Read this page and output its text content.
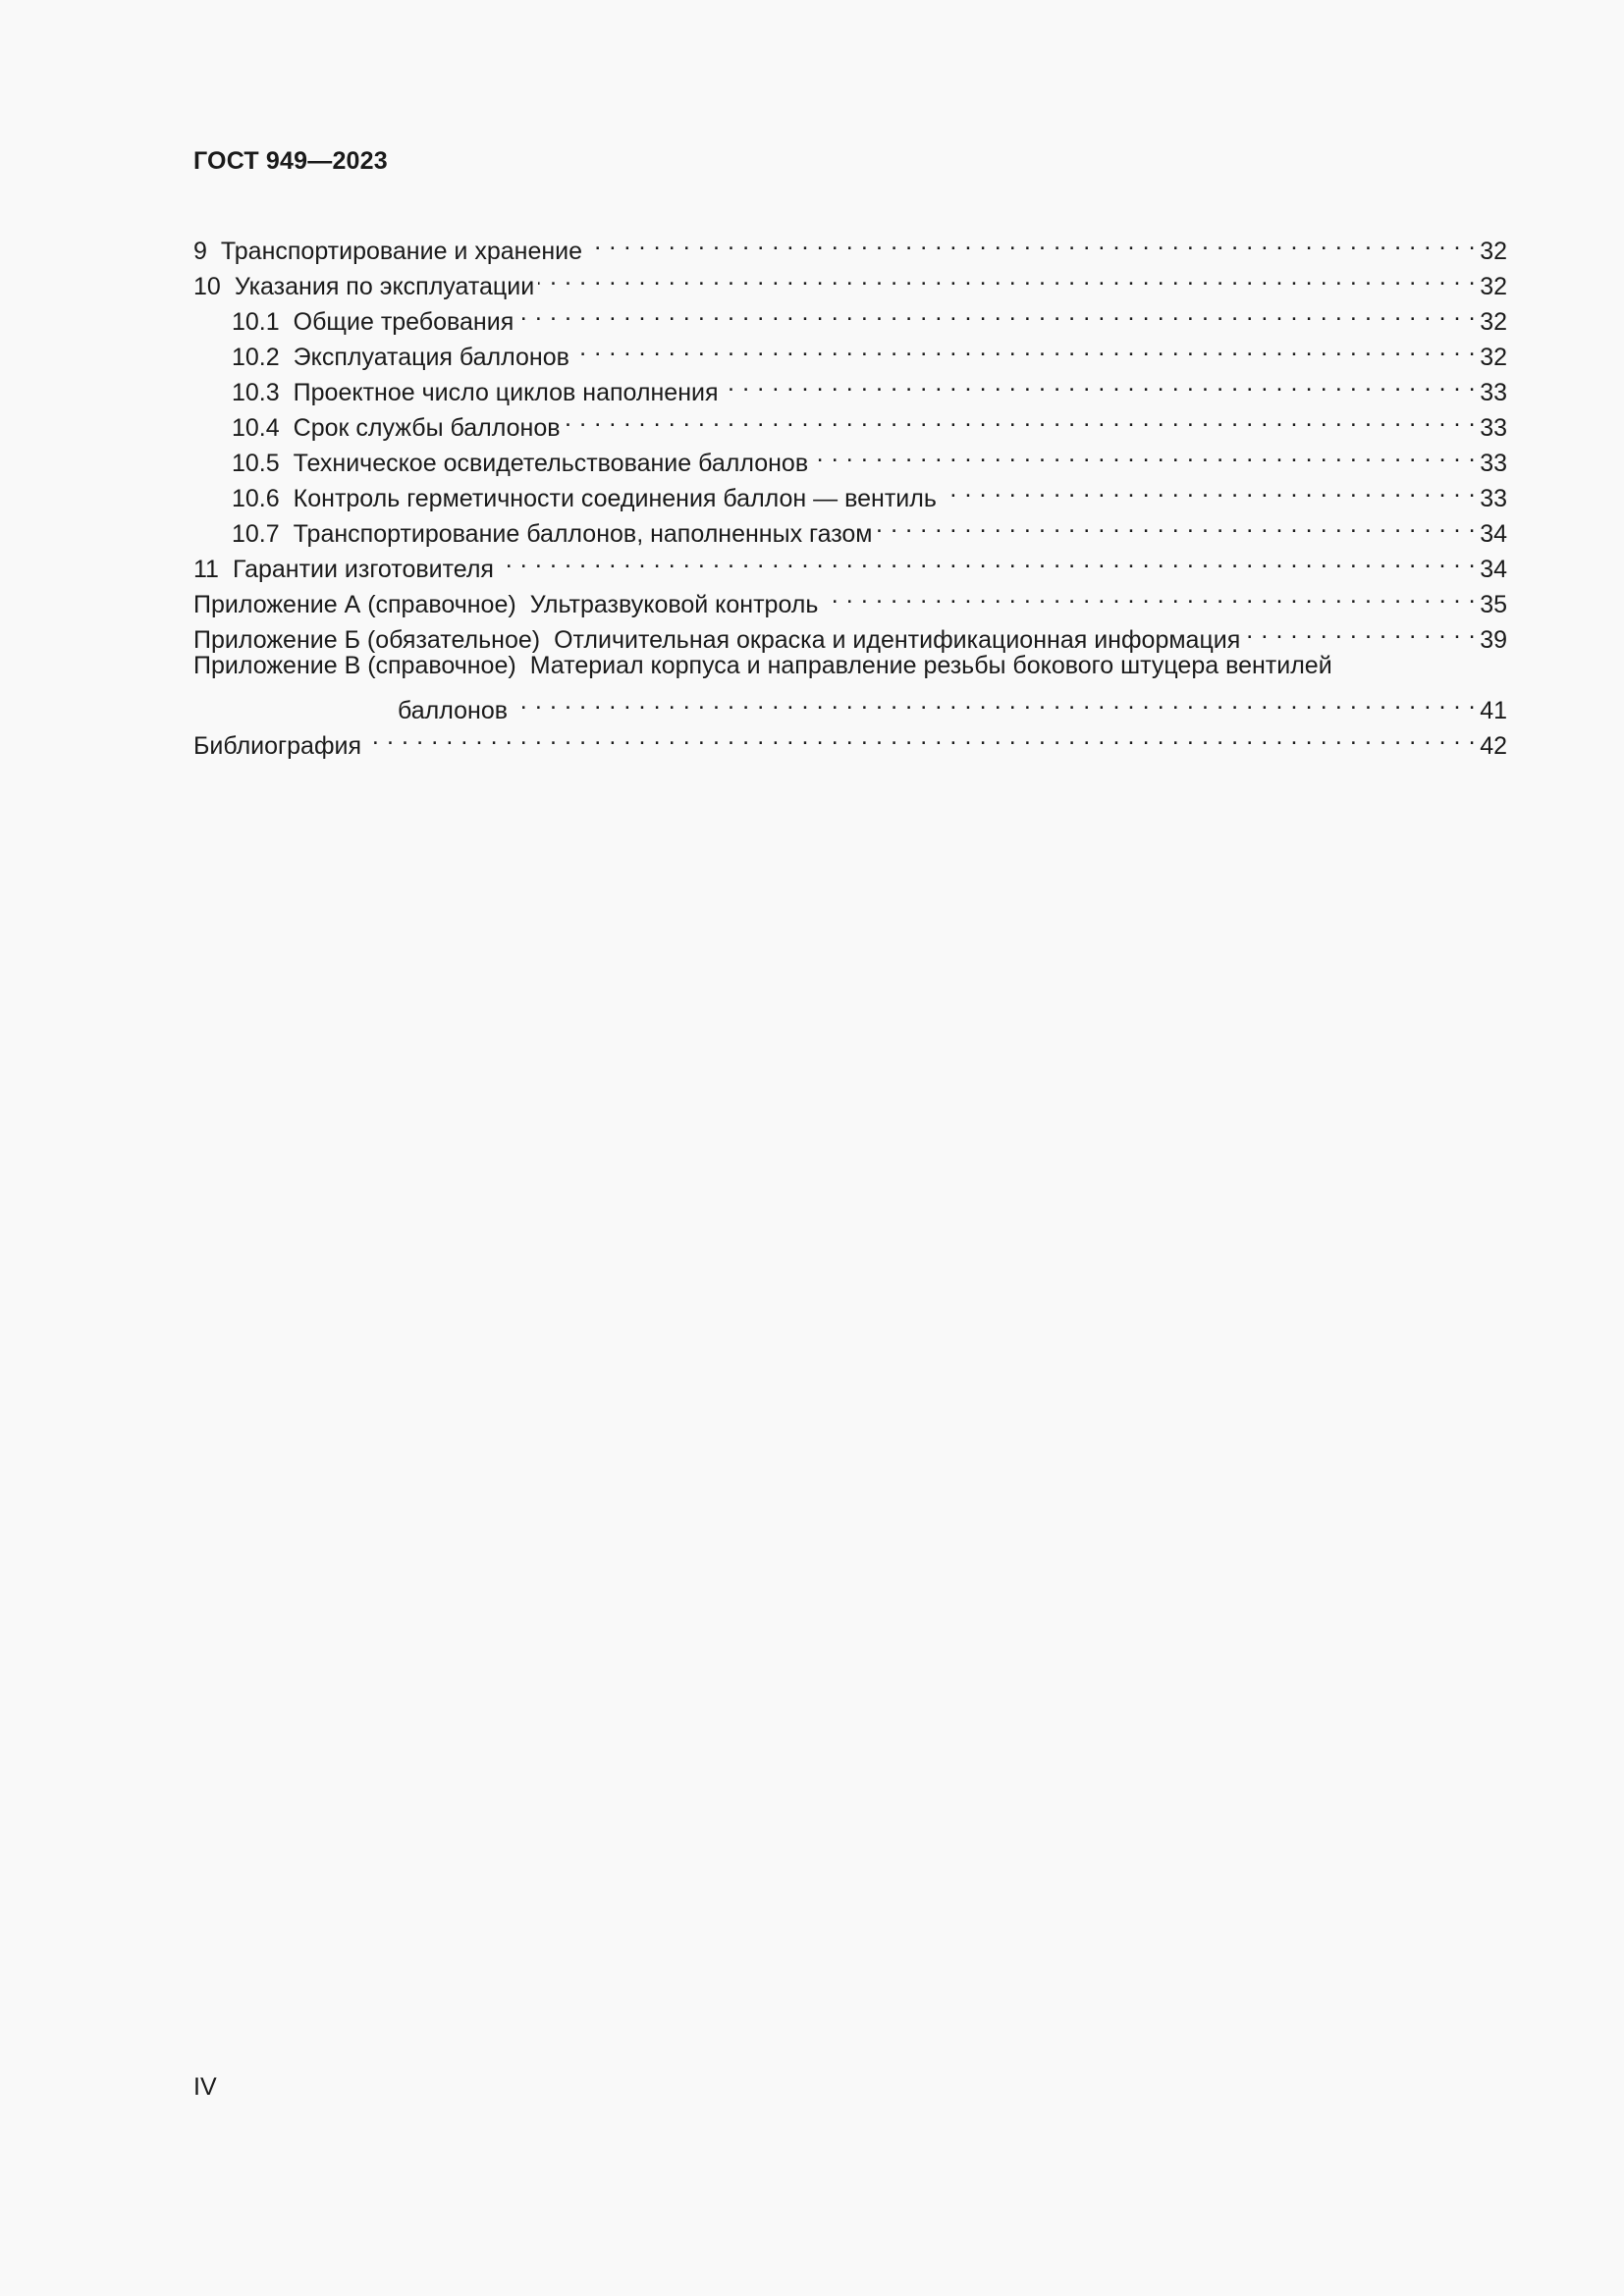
ГОСТ 949—2023
9 Транспортирование и хранение . . .	32
10 Указания по эксплуатации . . .	32
10.1 Общие требования . . .	32
10.2 Эксплуатация баллонов . . .	32
10.3 Проектное число циклов наполнения . . .	33
10.4 Срок службы баллонов . . .	33
10.5 Техническое освидетельствование баллонов . . .	33
10.6 Контроль герметичности соединения баллон — вентиль . . .	33
10.7 Транспортирование баллонов, наполненных газом . . .	34
11 Гарантии изготовителя . . .	34
Приложение А (справочное) Ультразвуковой контроль . . .	35
Приложение Б (обязательное) Отличительная окраска и идентификационная информация . . .	39
Приложение В (справочное) Материал корпуса и направление резьбы бокового штуцера вентилей
баллонов . . .	41
Библиография . . .	42
IV
